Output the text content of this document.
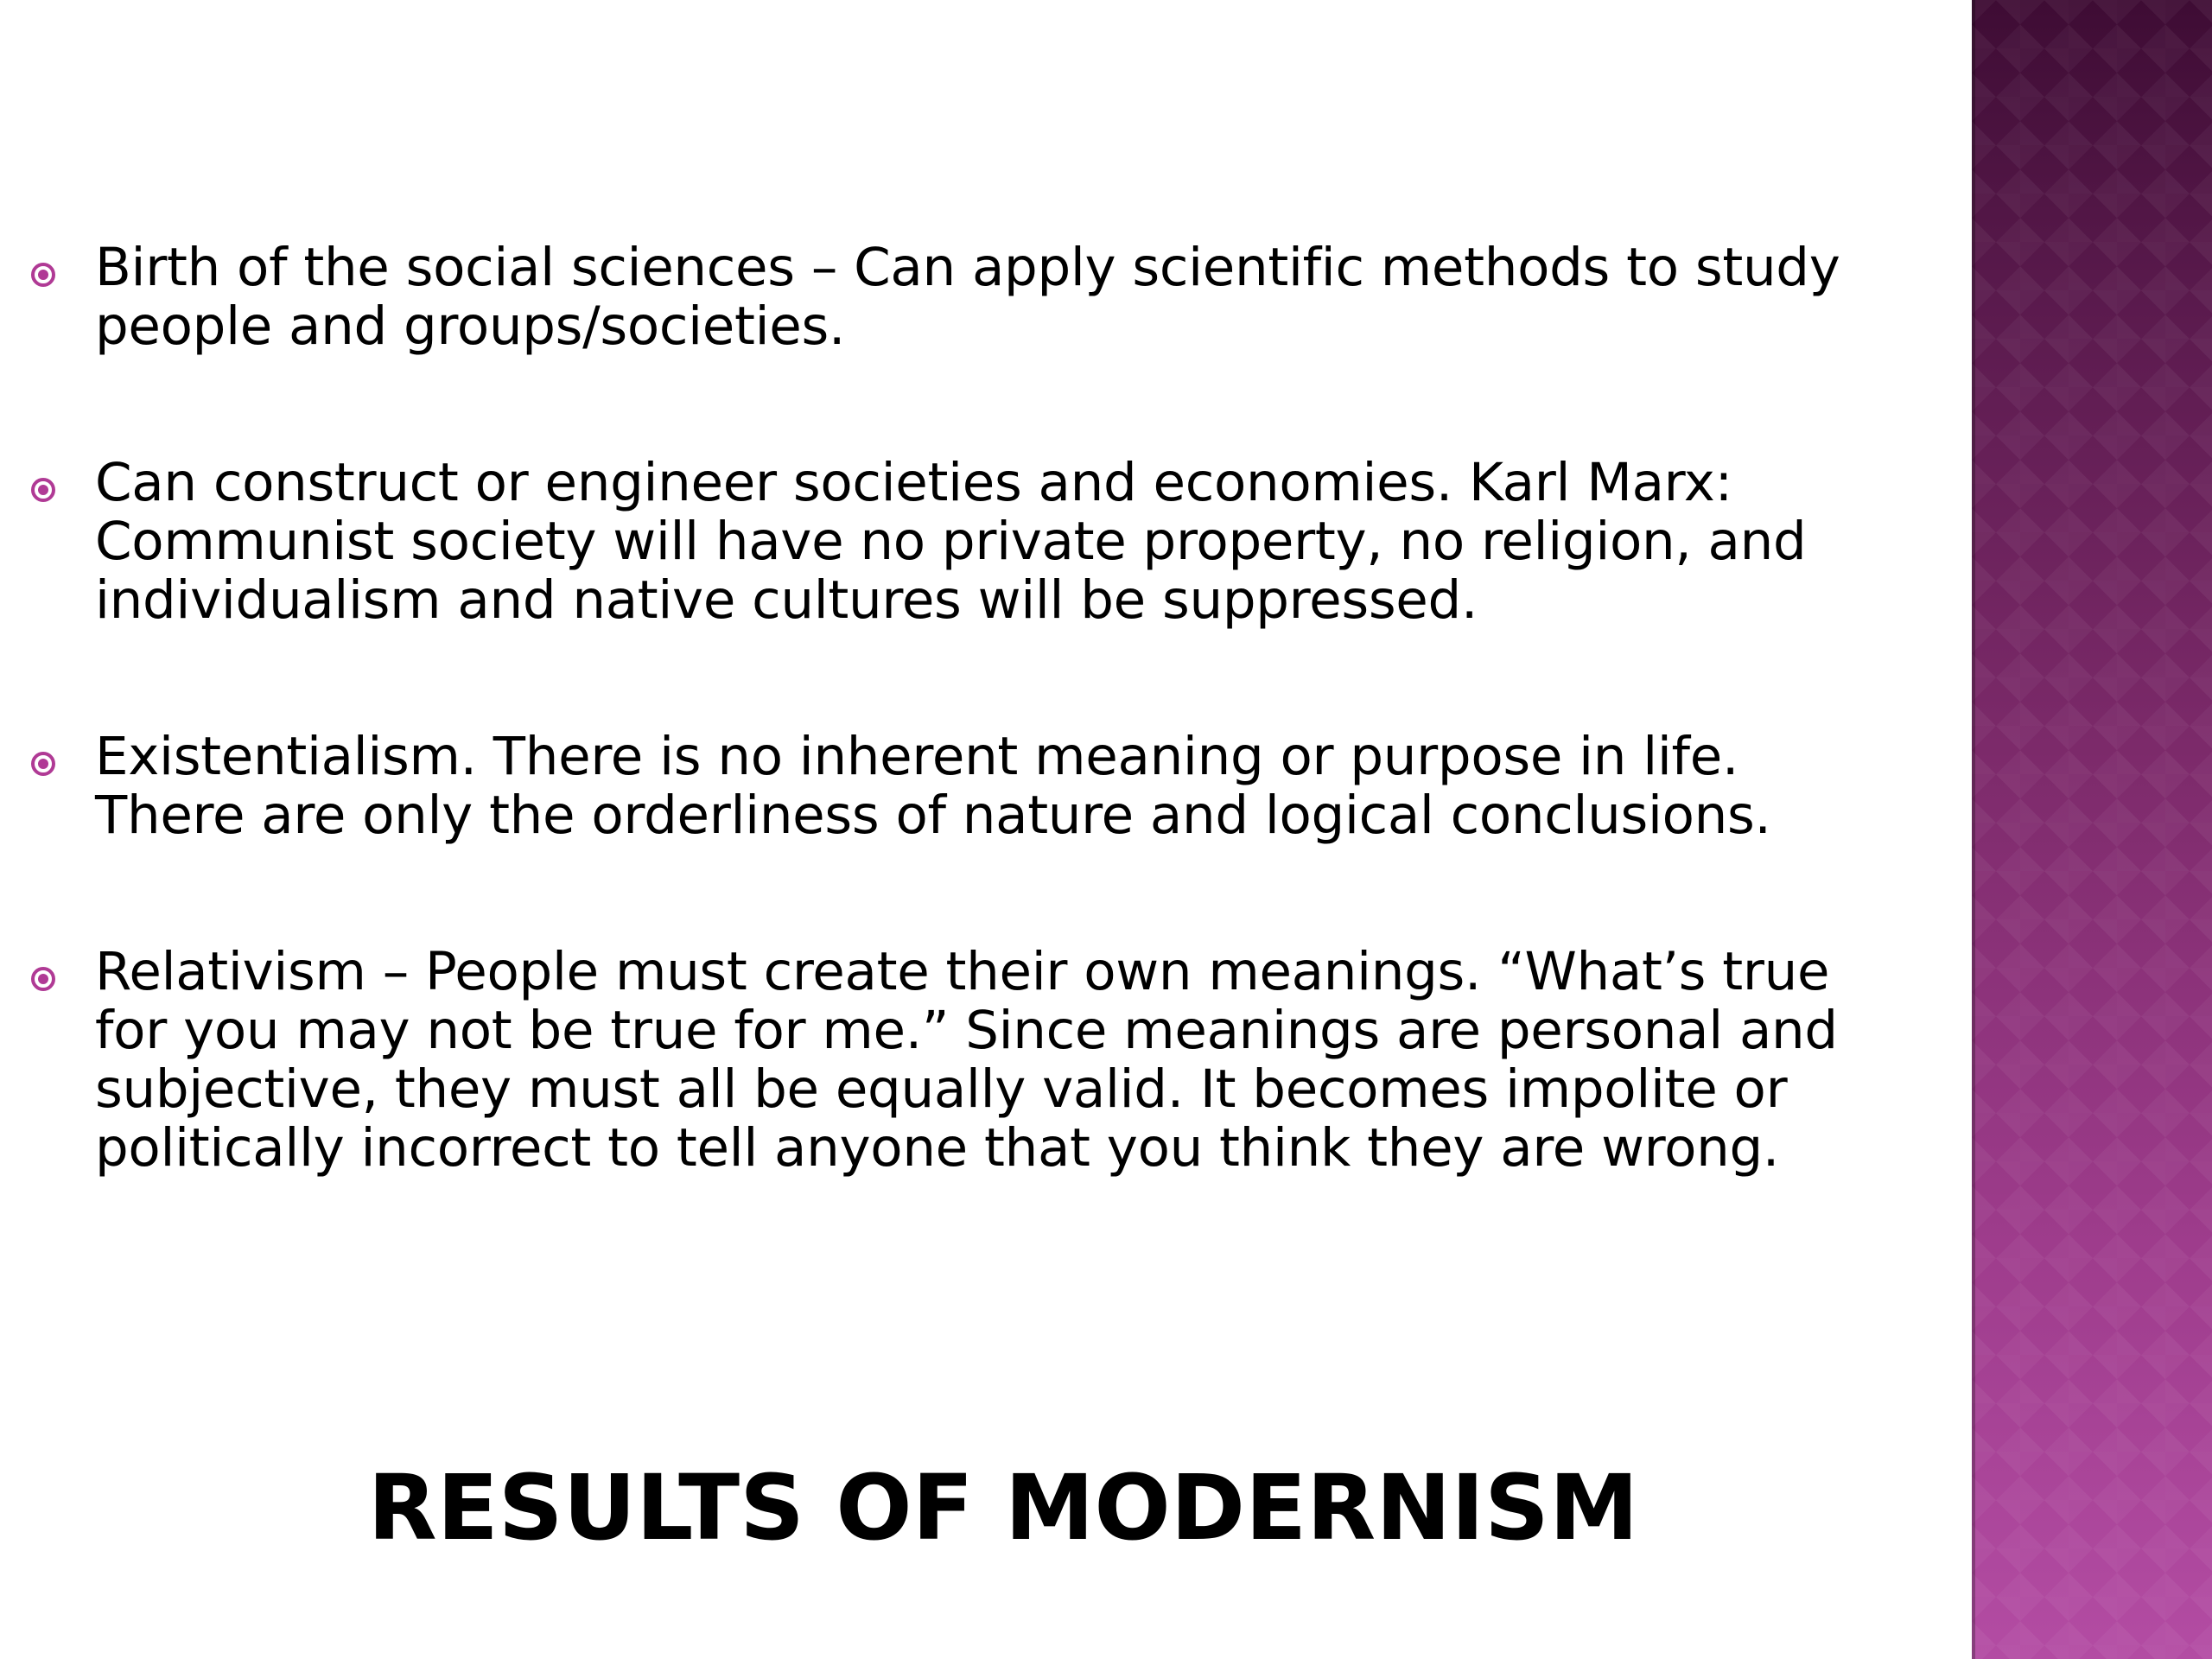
Birth of the social sciences – Can apply scientific methods to study
people and groups/societies.
Can construct or engineer societies and economies. Karl Marx:
Communist society will have no private property, no religion, and
individualism and native cultures will be suppressed.
Existentialism. There is no inherent meaning or purpose in life.
There are only the orderliness of nature and logical conclusions.
Relativism – People must create their own meanings. “What’s true
for you may not be true for me.” Since meanings are personal and
subjective, they must all be equally valid. It becomes impolite or
politically incorrect to tell anyone that you think they are wrong.
RESULTS OF MODERNISM
